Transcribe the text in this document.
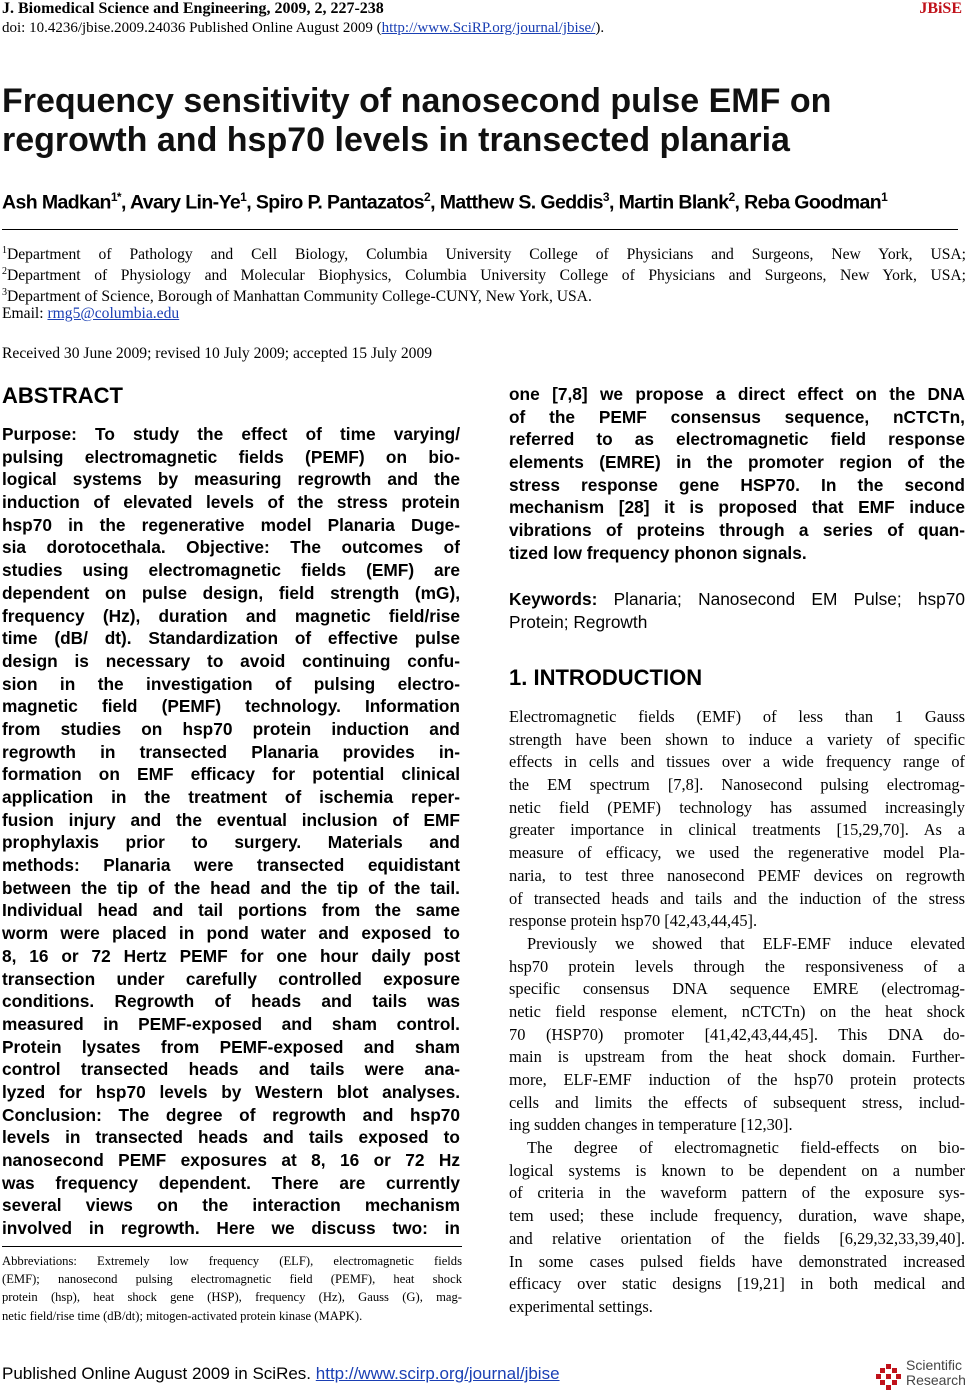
J. Biomedical Science and Engineering, 2009, 2, 227-238	JBiSE
doi: 10.4236/jbise.2009.24036 Published Online August 2009 (http://www.SciRP.org/journal/jbise/).
Frequency sensitivity of nanosecond pulse EMF on regrowth and hsp70 levels in transected planaria
Ash Madkan$^{1*}$, Avary Lin-Ye$^1$, Spiro P. Pantazatos$^2$, Matthew S. Geddis$^3$, Martin Blank$^2$, Reba Goodman$^1$
$^1$Department of Pathology and Cell Biology, Columbia University College of Physicians and Surgeons, New York, USA;
$^2$Department of Physiology and Molecular Biophysics, Columbia University College of Physicians and Surgeons, New York, USA;
$^3$Department of Science, Borough of Manhattan Community College-CUNY, New York, USA.
Email: rmg5@columbia.edu
Received 30 June 2009; revised 10 July 2009; accepted 15 July 2009
ABSTRACT
Purpose: To study the effect of time varying/
pulsing electromagnetic fields (PEMF) on bio-
logical systems by measuring regrowth and the
induction of elevated levels of the stress protein
hsp70 in the regenerative model Planaria Duge-
sia dorotocethala. Objective: The outcomes of
studies using electromagnetic fields (EMF) are
dependent on pulse design, field strength (mG),
frequency (Hz), duration and magnetic field/rise
time (dB/ dt). Standardization of effective pulse
design is necessary to avoid continuing confu-
sion in the investigation of pulsing electro-
magnetic field (PEMF) technology. Information
from studies on hsp70 protein induction and
regrowth in transected Planaria provides in-
formation on EMF efficacy for potential clinical
application in the treatment of ischemia reper-
fusion injury and the eventual inclusion of EMF
prophylaxis prior to surgery. Materials and
methods: Planaria were transected equidistant
between the tip of the head and the tip of the tail.
Individual head and tail portions from the same
worm were placed in pond water and exposed to
8, 16 or 72 Hertz PEMF for one hour daily post
transection under carefully controlled exposure
conditions. Regrowth of heads and tails was
measured in PEMF-exposed and sham control.
Protein lysates from PEMF-exposed and sham
control transected heads and tails were ana-
lyzed for hsp70 levels by Western blot analyses.
Conclusion: The degree of regrowth and hsp70
levels in transected heads and tails exposed to
nanosecond PEMF exposures at 8, 16 or 72 Hz
was frequency dependent. There are currently
several views on the interaction mechanism
involved in regrowth. Here we discuss two: in
Abbreviations: Extremely low frequency (ELF), electromagnetic fields
(EMF); nanosecond pulsing electromagnetic field (PEMF), heat shock
protein (hsp), heat shock gene (HSP), frequency (Hz), Gauss (G), mag-
netic field/rise time (dB/dt); mitogen-activated protein kinase (MAPK).
one [7,8] we propose a direct effect on the DNA
of the PEMF consensus sequence, nCTCTn,
referred to as electromagnetic field response
elements (EMRE) in the promoter region of the
stress response gene HSP70. In the second
mechanism [28] it is proposed that EMF induce
vibrations of proteins through a series of quan-
tized low frequency phonon signals.
Keywords: Planaria; Nanosecond EM Pulse; hsp70
Protein; Regrowth
1. INTRODUCTION
Electromagnetic fields (EMF) of less than 1 Gauss
strength have been shown to induce a variety of specific
effects in cells and tissues over a wide frequency range of
the EM spectrum [7,8]. Nanosecond pulsing electromag-
netic field (PEMF) technology has assumed increasingly
greater importance in clinical treatments [15,29,70]. As a
measure of efficacy, we used the regenerative model Pla-
naria, to test three nanosecond PEMF devices on regrowth
of transected heads and tails and the induction of the stress
response protein hsp70 [42,43,44,45].
Previously we showed that ELF-EMF induce elevated
hsp70 protein levels through the responsiveness of a
specific consensus DNA sequence EMRE (electromag-
netic field response element, nCTCTn) on the heat shock
70 (HSP70) promoter [41,42,43,44,45]. This DNA do-
main is upstream from the heat shock domain. Further-
more, ELF-EMF induction of the hsp70 protein protects
cells and limits the effects of subsequent stress, includ-
ing sudden changes in temperature [12,30].
The degree of electromagnetic field-effects on bio-
logical systems is known to be dependent on a number
of criteria in the waveform pattern of the exposure sys-
tem used; these include frequency, duration, wave shape,
and relative orientation of the fields [6,29,32,33,39,40].
In some cases pulsed fields have demonstrated increased
efficacy over static designs [19,21] in both medical and
experimental settings.
Published Online August 2009 in SciRes. http://www.scirp.org/journal/jbise	Scientific
Research
